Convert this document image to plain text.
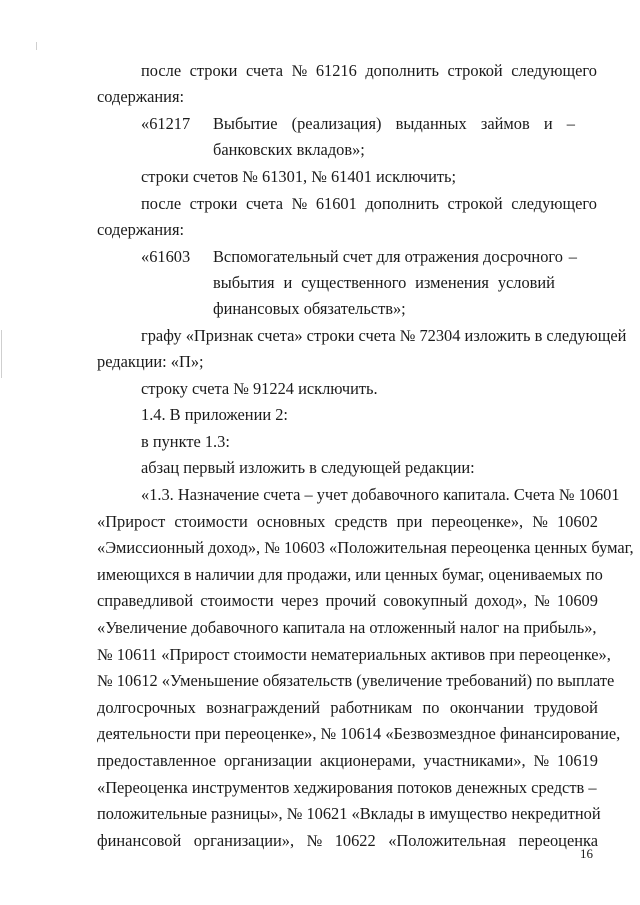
после строки счета № 61216 дополнить строкой следующего

содержания:

«61217 Выбытие (реализация) выданных займов и –

банковских вкладов»;

строки счетов № 61301, № 61401 исключить;

после строки счета № 61601 дополнить строкой следующего

содержания:

«61603 Вспомогательный счет для отражения досрочного –

выбытия и существенного изменения условий

финансовых обязательств»;

графу «Признак счета» строки счета № 72304 изложить в следующей

редакции: «П»;

строку счета № 91224 исключить.

1.4. В приложении 2:

в пункте 1.3:

абзац первый изложить в следующей редакции:

«1.3. Назначение счета – учет добавочного капитала. Счета № 10601

«Прирост стоимости основных средств при переоценке», № 10602

«Эмиссионный доход», № 10603 «Положительная переоценка ценных бумаг,

имеющихся в наличии для продажи, или ценных бумаг, оцениваемых по

справедливой стоимости через прочий совокупный доход», № 10609

«Увеличение добавочного капитала на отложенный налог на прибыль»,

№ 10611 «Прирост стоимости нематериальных активов при переоценке»,

№ 10612 «Уменьшение обязательств (увеличение требований) по выплате

долгосрочных вознаграждений работникам по окончании трудовой

деятельности при переоценке», № 10614 «Безвозмездное финансирование,

предоставленное организации акционерами, участниками», № 10619

«Переоценка инструментов хеджирования потоков денежных средств –

положительные разницы», № 10621 «Вклады в имущество некредитной

финансовой организации», № 10622 «Положительная переоценка

16
